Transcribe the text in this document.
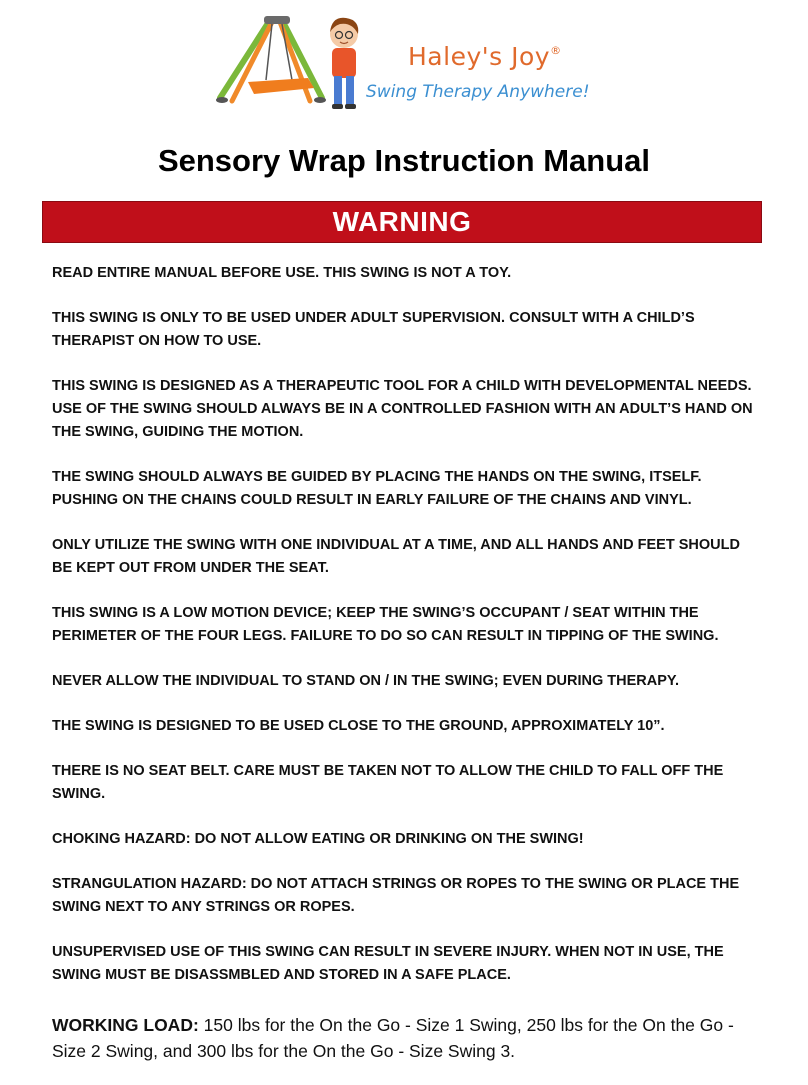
Haley's Joy®
Swing Therapy Anywhere!
Sensory Wrap Instruction Manual
WARNING

READ ENTIRE MANUAL BEFORE USE. THIS SWING IS NOT A TOY.

THIS SWING IS ONLY TO BE USED UNDER ADULT SUPERVISION. CONSULT WITH A CHILD’S THERAPIST ON HOW TO USE.

THIS SWING IS DESIGNED AS A THERAPEUTIC TOOL FOR A CHILD WITH DEVELOPMENTAL NEEDS. USE OF THE SWING SHOULD ALWAYS BE IN A CONTROLLED FASHION WITH AN ADULT’S HAND ON THE SWING, GUIDING THE MOTION.

THE SWING SHOULD ALWAYS BE GUIDED BY PLACING THE HANDS ON THE SWING, ITSELF. PUSHING ON THE CHAINS COULD RESULT IN EARLY FAILURE OF THE CHAINS AND VINYL.

ONLY UTILIZE THE SWING WITH ONE INDIVIDUAL AT A TIME, AND ALL HANDS AND FEET SHOULD BE KEPT OUT FROM UNDER THE SEAT.

THIS SWING IS A LOW MOTION DEVICE; KEEP THE SWING’S OCCUPANT / SEAT WITHIN THE PERIMETER OF THE FOUR LEGS. FAILURE TO DO SO CAN RESULT IN TIPPING OF THE SWING.

NEVER ALLOW THE INDIVIDUAL TO STAND ON / IN THE SWING; EVEN DURING THERAPY.

THE SWING IS DESIGNED TO BE USED CLOSE TO THE GROUND, APPROXIMATELY 10”.

THERE IS NO SEAT BELT. CARE MUST BE TAKEN NOT TO ALLOW THE CHILD TO FALL OFF THE SWING.

CHOKING HAZARD: DO NOT ALLOW EATING OR DRINKING ON THE SWING!

STRANGULATION HAZARD: DO NOT ATTACH STRINGS OR ROPES TO THE SWING OR PLACE THE SWING NEXT TO ANY STRINGS OR ROPES.

UNSUPERVISED USE OF THIS SWING CAN RESULT IN SEVERE INJURY. WHEN NOT IN USE, THE SWING MUST BE DISASSMBLED AND STORED IN A SAFE PLACE.

WORKING LOAD: 150 lbs for the On the Go - Size 1 Swing, 250 lbs for the On the Go - Size 2 Swing, and 300 lbs for the On the Go - Size Swing 3.
